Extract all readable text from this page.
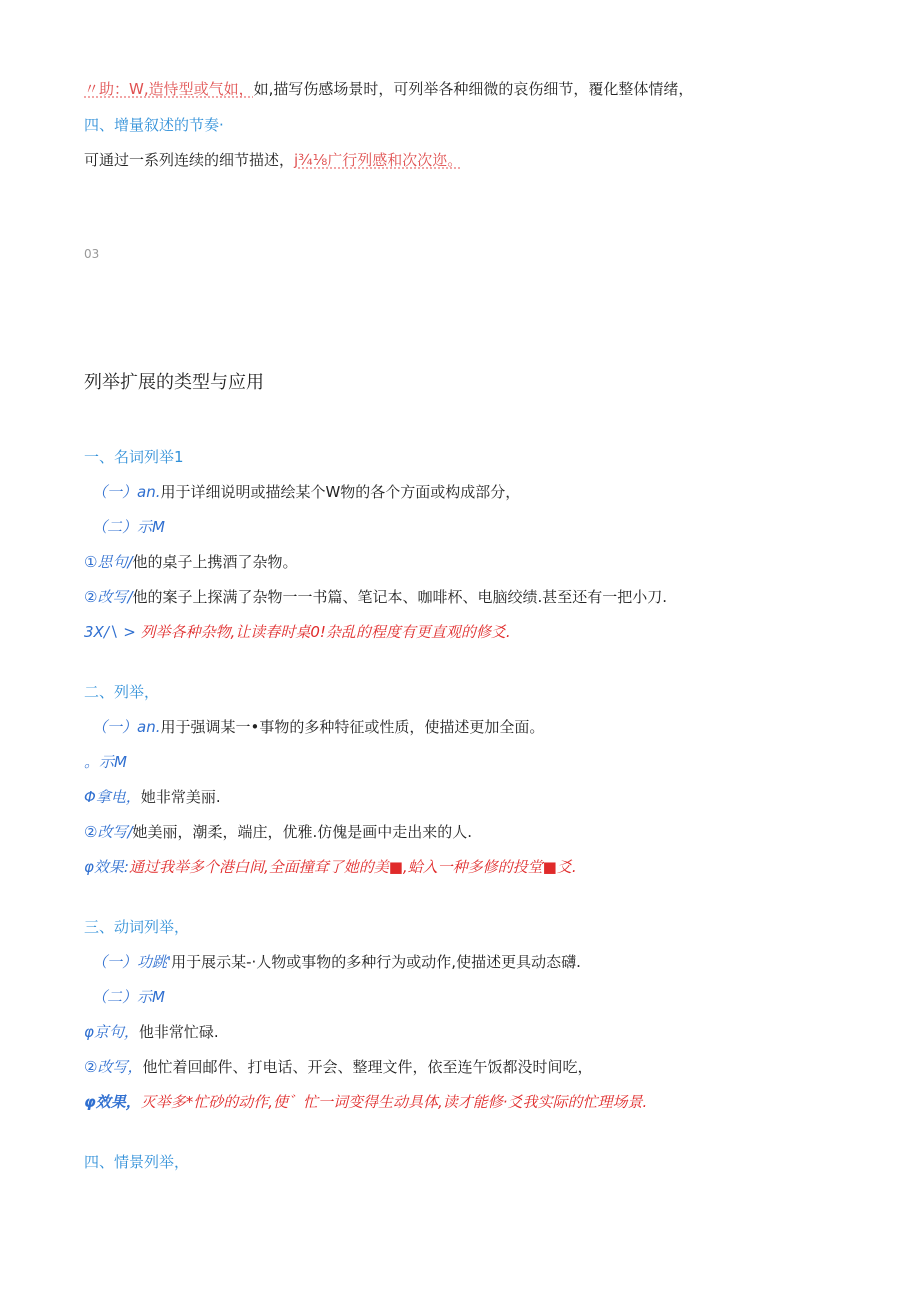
〃助：W,造恃型或气如，如,描写伤感场景时，可列举各种细微的哀伤细节，覆化整体情绪，
四、增量叙述的节奏·
可通过一系列连续的细节描述，j¾⅛广行列感和次次迩。
03
列举扩展的类型与应用
一、名词列举1
（一）an.用于详细说明或描绘某个W物的各个方面或构成部分，
（二）示M
①思句/他的桌子上携酒了杂物。
②改写/他的案子上探满了杂物一一书篇、笔记本、咖啡杯、电脑绞绩.甚至还有一把小刀.
3X∕∖ > 列举各种杂物,让读春时桌0!杂乱的程度有更直观的修爻.
二、列举，
（一）an.用于强调某一•事物的多种特征或性质，使描述更加全面。
。示M
Φ拿电，她非常美丽.
②改写/她美丽，潮柔，端庄，优雅.仿傀是画中走出来的人.
φ效果:通过我举多个港白间,全面撞耷了她的美■,蛤入一种多修的投堂■爻.
三、动词列举，
（一）功跳'用于展示某-·人物或事物的多种行为或动作,使描述更具动态礴.
（二）示M
φ京句，他非常忙碌.
②改写，他忙着回邮件、打电话、开会、整理文件，依至连午饭都没时间吃，
φ效果，灭举多*忙砂的动作,使゛忙一词变得生动具体,读才能修·爻我实际的忙理场景.
四、情景列举，
